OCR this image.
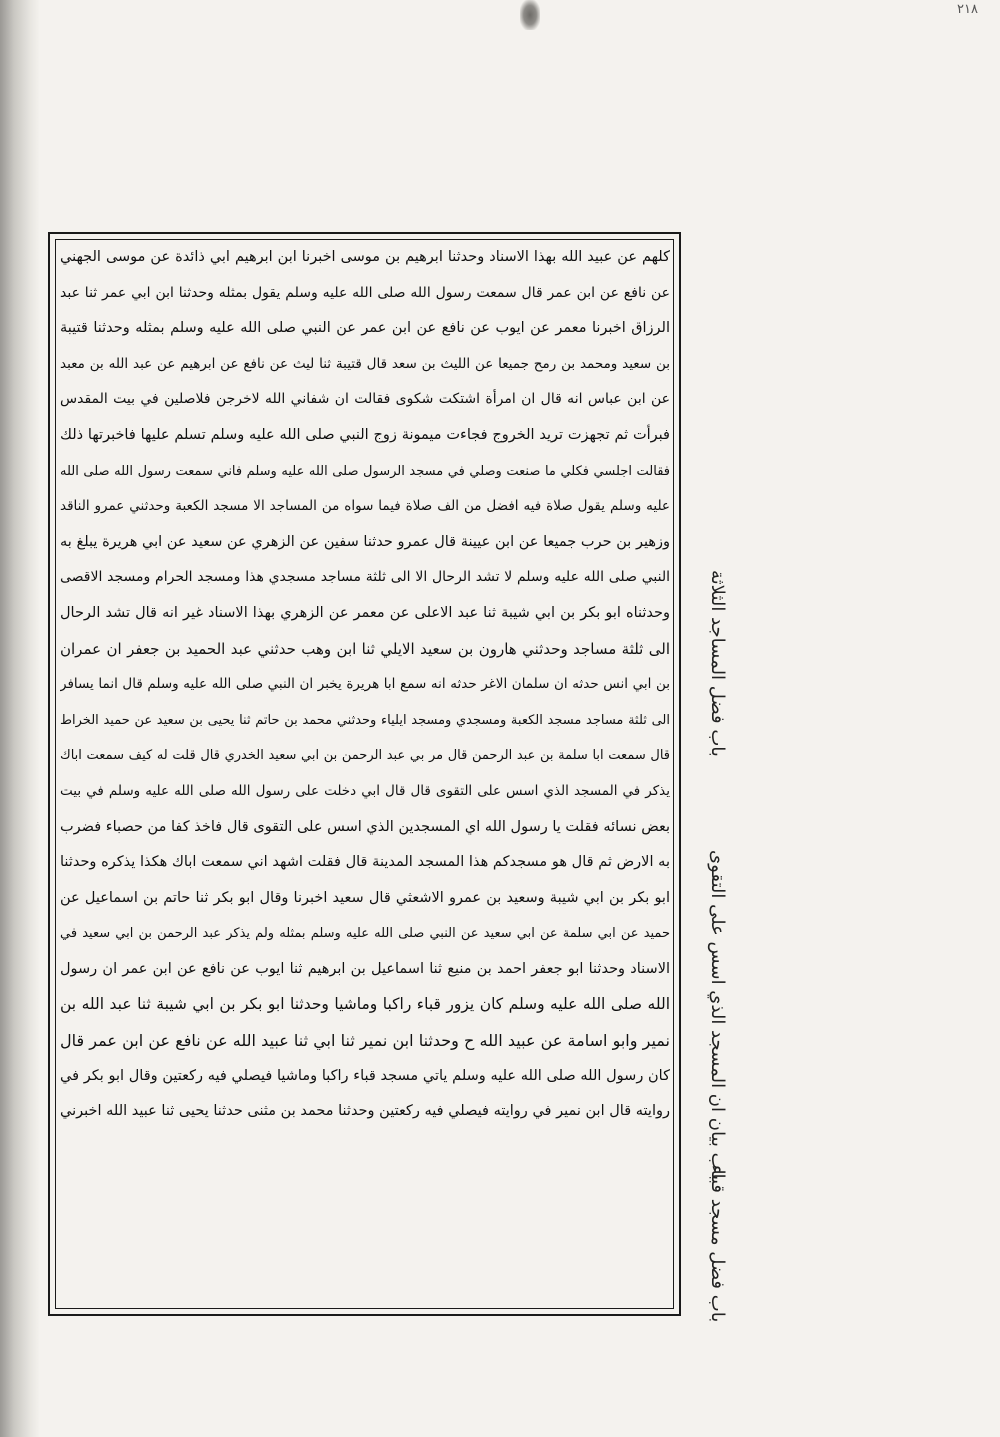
٢١٨
كلهم عن عبيد الله بهذا الاسناد وحدثنا ابرهيم بن موسى اخبرنا ابن ابرهيم ابي ذائدة عن موسى الجهني
عن نافع عن ابن عمر قال سمعت رسول الله صلى الله عليه وسلم يقول بمثله وحدثنا ابن ابي عمر ثنا عبد
الرزاق اخبرنا معمر عن ايوب عن نافع عن ابن عمر عن النبي صلى الله عليه وسلم بمثله وحدثنا قتيبة
بن سعيد ومحمد بن رمح جميعا عن الليث بن سعد قال قتيبة ثنا ليث عن نافع عن ابرهيم عن عبد الله بن معبد
عن ابن عباس انه قال ان امرأة اشتكت شكوى فقالت ان شفاني الله لاخرجن فلاصلين في بيت المقدس
فبرأت ثم تجهزت تريد الخروج فجاءت ميمونة زوج النبي صلى الله عليه وسلم تسلم عليها فاخبرتها ذلك
فقالت اجلسي فكلي ما صنعت وصلي في مسجد الرسول صلى الله عليه وسلم فاني سمعت رسول الله صلى الله
عليه وسلم يقول صلاة فيه افضل من الف صلاة فيما سواه من المساجد الا مسجد الكعبة وحدثني عمرو الناقد
وزهير بن حرب جميعا عن ابن عيينة قال عمرو حدثنا سفين عن الزهري عن سعيد عن ابي هريرة يبلغ به
النبي صلى الله عليه وسلم لا تشد الرحال الا الى ثلثة مساجد مسجدي هذا ومسجد الحرام ومسجد الاقصى
وحدثناه ابو بكر بن ابي شيبة ثنا عبد الاعلى عن معمر عن الزهري بهذا الاسناد غير انه قال تشد الرحال
الى ثلثة مساجد وحدثني هارون بن سعيد الايلي ثنا ابن وهب حدثني عبد الحميد بن جعفر ان عمران
بن ابي انس حدثه ان سلمان الاغر حدثه انه سمع ابا هريرة يخبر ان النبي صلى الله عليه وسلم قال انما يسافر
الى ثلثة مساجد مسجد الكعبة ومسجدي ومسجد ايلياء وحدثني محمد بن حاتم ثنا يحيى بن سعيد عن حميد الخراط
قال سمعت ابا سلمة بن عبد الرحمن قال مر بي عبد الرحمن بن ابي سعيد الخدري قال قلت له كيف سمعت اباك
يذكر في المسجد الذي اسس على التقوى قال قال ابي دخلت على رسول الله صلى الله عليه وسلم في بيت
بعض نسائه فقلت يا رسول الله اي المسجدين الذي اسس على التقوى قال فاخذ كفا من حصباء فضرب
به الارض ثم قال هو مسجدكم هذا المسجد المدينة قال فقلت اشهد اني سمعت اباك هكذا يذكره وحدثنا
ابو بكر بن ابي شيبة وسعيد بن عمرو الاشعثي قال سعيد اخبرنا وقال ابو بكر ثنا حاتم بن اسماعيل عن
حميد عن ابي سلمة عن ابي سعيد عن النبي صلى الله عليه وسلم بمثله ولم يذكر عبد الرحمن بن ابي سعيد في
الاسناد وحدثنا ابو جعفر احمد بن منيع ثنا اسماعيل بن ابرهيم ثنا ايوب عن نافع عن ابن عمر ان رسول
الله صلى الله عليه وسلم كان يزور قباء راكبا وماشيا وحدثنا ابو بكر بن ابي شيبة ثنا عبد الله بن
نمير وابو اسامة عن عبيد الله ح وحدثنا ابن نمير ثنا ابي ثنا عبيد الله عن نافع عن ابن عمر قال
كان رسول الله صلى الله عليه وسلم ياتي مسجد قباء راكبا وماشيا فيصلي فيه ركعتين وقال ابو بكر في
روايته قال ابن نمير في روايته فيصلي فيه ركعتين وحدثنا محمد بن مثنى حدثنا يحيى ثنا عبيد الله اخبرني
باب فضل المساجد الثلاثة
باب بيان ان المسجد الذي اسس على التقوى
باب فضل مسجد قباء
